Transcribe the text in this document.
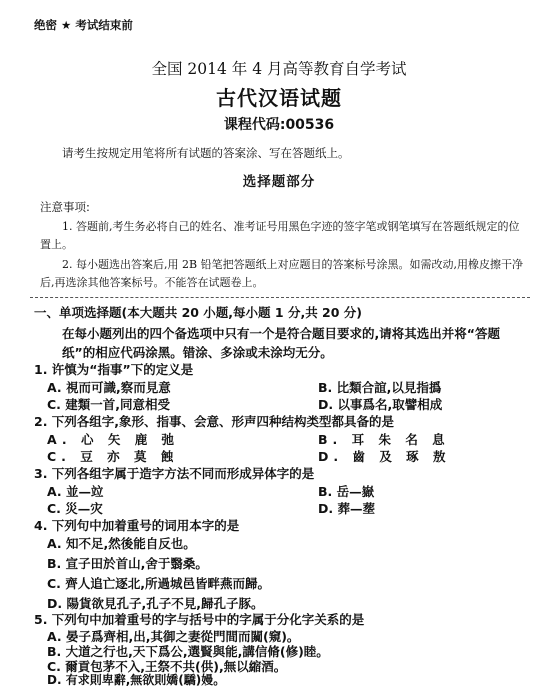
绝密 ★ 考试结束前
全国 2014 年 4 月高等教育自学考试
古代汉语试题
课程代码:00536
请考生按规定用笔将所有试题的答案涂、写在答题纸上。
选择题部分
注意事项:
1. 答题前,考生务必将自己的姓名、准考证号用黑色字迹的签字笔或钢笔填写在答题纸规定的位置上。
2. 每小题选出答案后,用 2B 铅笔把答题纸上对应题目的答案标号涂黑。如需改动,用橡皮擦干净后,再选涂其他答案标号。不能答在试题卷上。
一、单项选择题(本大题共 20 小题,每小题 1 分,共 20 分)
在每小题列出的四个备选项中只有一个是符合题目要求的,请将其选出并将“答题纸”的相应代码涂黑。错涂、多涂或未涂均无分。
1. 许慎为“指事”下的定义是
A. 視而可識,察而見意	B. 比類合誼,以見指撝
C. 建類一首,同意相受	D. 以事爲名,取譬相成
2. 下列各组字,象形、指事、会意、形声四种结构类型都具备的是
A. 心 矢 鹿 弛	B. 耳 朱 名 息
C. 豆 亦 莫 蝕	D. 齒 及 琢 敖
3. 下列各组字属于造字方法不同而形成异体字的是
A. 並—竝	B. 岳—嶽
C. 災—灾	D. 葬—塟
4. 下列句中加着重号的词用本字的是
A. 知不足,然後能自反也。
B. 宣子田於首山,舍于翳桑。
C. 齊人追亡逐北,所過城邑皆畔燕而歸。
D. 陽貨欲見孔子,孔子不見,歸孔子豚。
5. 下列句中加着重号的字与括号中的字属于分化字关系的是
A. 晏子爲齊相,出,其御之妻從門間而闚(窺)。
B. 大道之行也,天下爲公,選賢與能,講信脩(修)睦。
C. 爾貢包茅不入,王祭不共(供),無以縮酒。
D. 有求則卑辭,無欲則嬌(驕)嫚。
